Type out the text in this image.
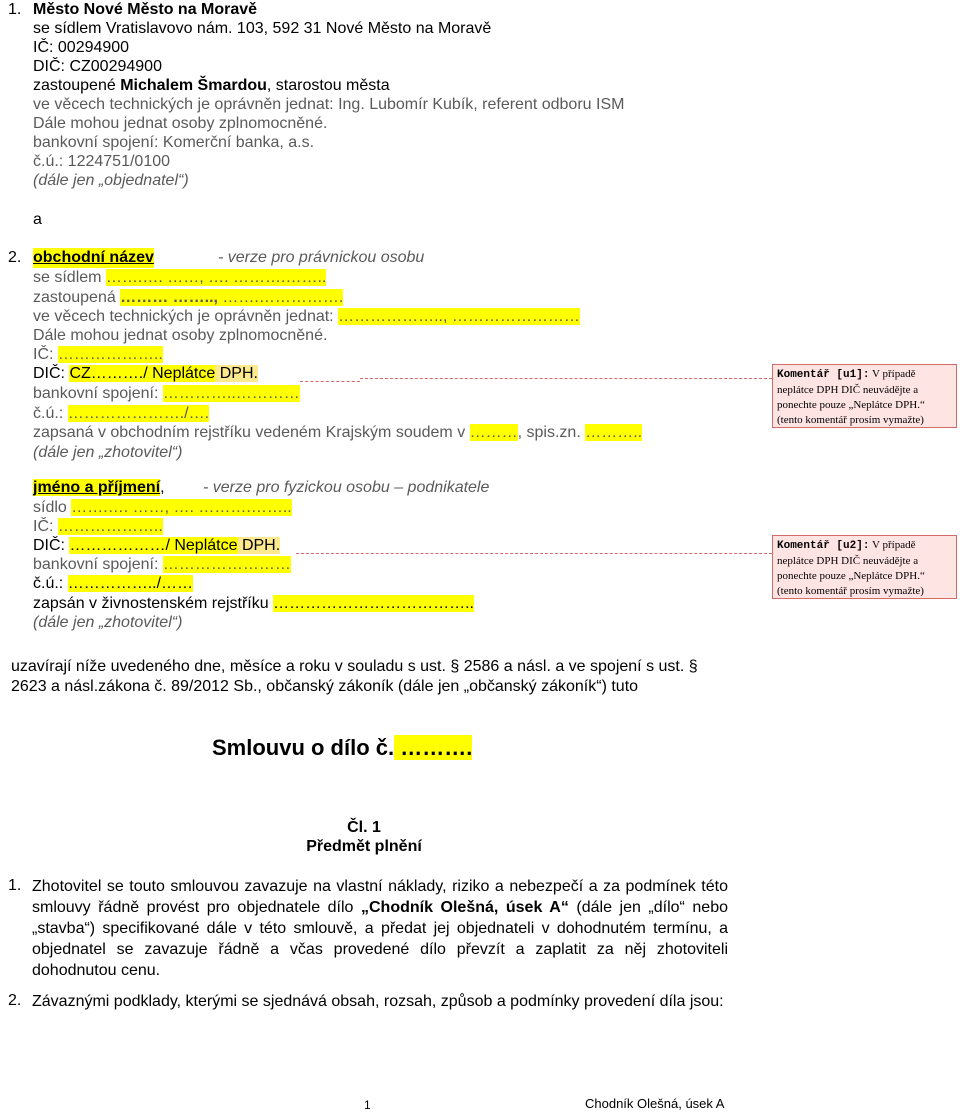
1. Město Nové Město na Moravě
se sídlem Vratislavovo nám. 103, 592 31 Nové Město na Moravě
IČ: 00294900
DIČ: CZ00294900
zastoupené Michalem Šmardou, starostou města
ve věcech technických je oprávněn jednat: Ing. Lubomír Kubík, referent odboru ISM
Dále mohou jednat osoby zplnomocněné.
bankovní spojení: Komerční banka, a.s.
č.ú.: 1224751/0100
(dále jen „objednatel“)
a
2. obchodní název	- verze pro právnickou osobu
se sídlem …….…. ……, …. ……….……..
zastoupená ……… …….., …….…………….
ve věcech technických je oprávněn jednat: ……………….., ……………………
Dále mohou jednat osoby zplnomocněné.
IČ: ………………..
DIČ: CZ………./ Neplátce DPH.
bankovní spojení: …………..…………
č.ú.: …………………./….
zapsaná v obchodním rejstříku vedeném Krajským soudem v ………, spis.zn. ………..
(dále jen „zhotovitel“)
jméno a příjmení, - verze pro fyzickou osobu – podnikatele
sídlo …….…. ……, …. ……….……..
IČ: ………………..
DIČ: ………………/ Neplátce DPH.
bankovní spojení: ……………………
č.ú.: ……………../……
zapsán v živnostenském rejstříku ………………………………..
(dále jen „zhotovitel“)
Komentář [u1]: V případě neplátce DPH DIČ neuvádějte a ponechte pouze „Neplátce DPH.“ (tento komentář prosím vymažte)
Komentář [u2]: V případě neplátce DPH DIČ neuvádějte a ponechte pouze „Neplátce DPH.“ (tento komentář prosím vymažte)
uzavírají níže uvedeného dne, měsíce a roku v souladu s ust. § 2586 a násl. a ve spojení s ust. §
2623 a násl.zákona č. 89/2012 Sb., občanský zákoník (dále jen „občanský zákoník“) tuto
Smlouvu o dílo č. ……….
Čl. 1
Předmět plnění
1. Zhotovitel se touto smlouvou zavazuje na vlastní náklady, riziko a nebezpečí a za podmínek této smlouvy řádně provést pro objednatele dílo „Chodník Olešná, úsek A“ (dále jen „dílo“ nebo „stavba“) specifikované dále v této smlouvě, a předat jej objednateli v dohodnutém termínu, a objednatel se zavazuje řádně a včas provedené dílo převzít a zaplatit za něj zhotoviteli dohodnutou cenu.
2. Závaznými podklady, kterými se sjednává obsah, rozsah, způsob a podmínky provedení díla jsou:
1	Chodník Olešná, úsek A
